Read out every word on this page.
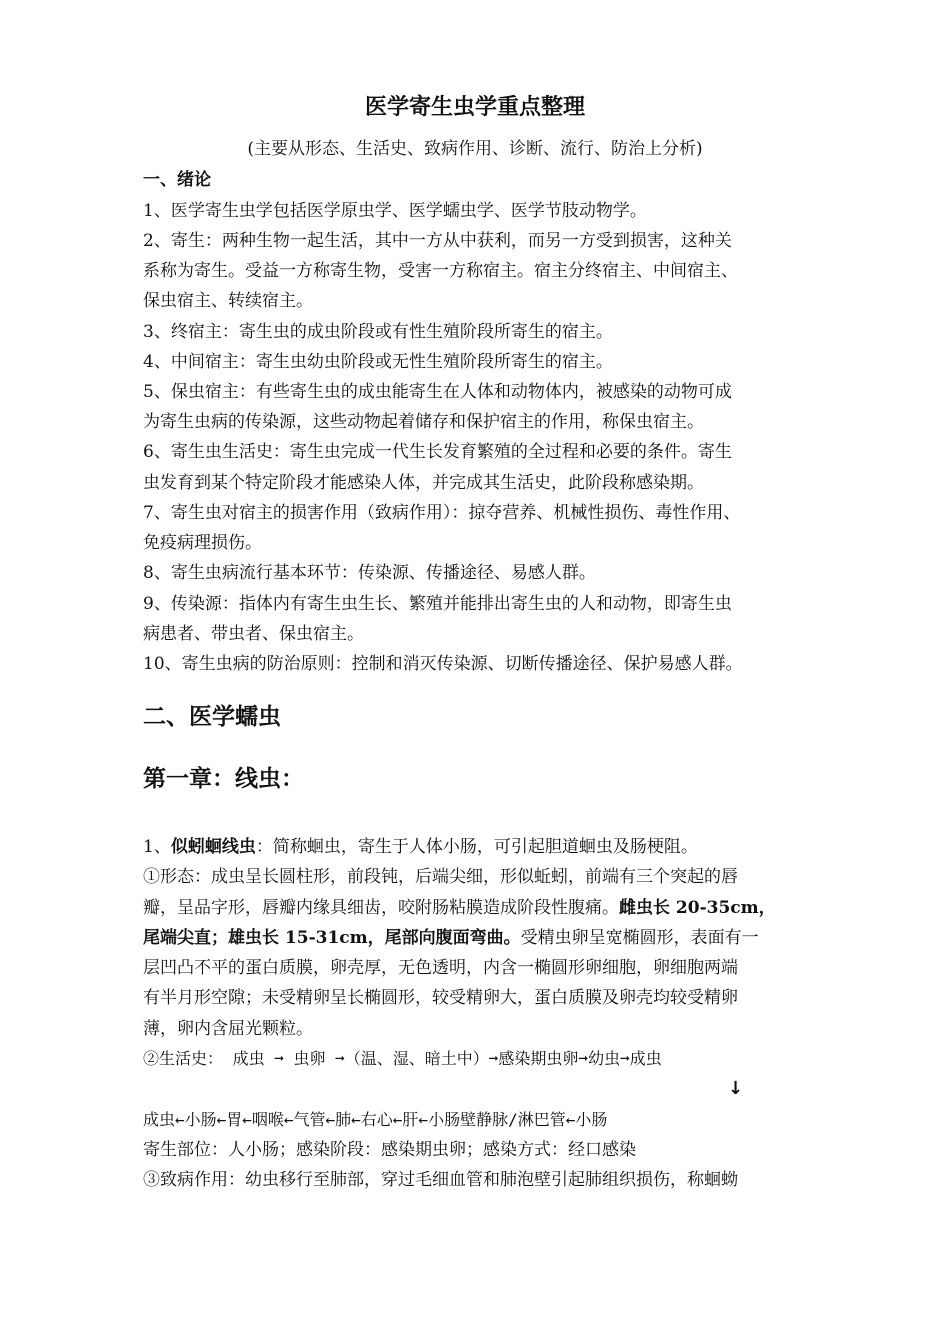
医学寄生虫学重点整理
(主要从形态、生活史、致病作用、诊断、流行、防治上分析)
一、绪论
1、医学寄生虫学包括医学原虫学、医学蠕虫学、医学节肢动物学。
2、寄生：两种生物一起生活，其中一方从中获利，而另一方受到损害，这种关
系称为寄生。受益一方称寄生物，受害一方称宿主。宿主分终宿主、中间宿主、
保虫宿主、转续宿主。
3、终宿主：寄生虫的成虫阶段或有性生殖阶段所寄生的宿主。
4、中间宿主：寄生虫幼虫阶段或无性生殖阶段所寄生的宿主。
5、保虫宿主：有些寄生虫的成虫能寄生在人体和动物体内，被感染的动物可成
为寄生虫病的传染源，这些动物起着储存和保护宿主的作用，称保虫宿主。
6、寄生虫生活史：寄生虫完成一代生长发育繁殖的全过程和必要的条件。寄生
虫发育到某个特定阶段才能感染人体，并完成其生活史，此阶段称感染期。
7、寄生虫对宿主的损害作用（致病作用）：掠夺营养、机械性损伤、毒性作用、
免疫病理损伤。
8、寄生虫病流行基本环节：传染源、传播途径、易感人群。
9、传染源：指体内有寄生虫生长、繁殖并能排出寄生虫的人和动物，即寄生虫
病患者、带虫者、保虫宿主。
10、寄生虫病的防治原则：控制和消灭传染源、切断传播途径、保护易感人群。
二、医学蠕虫
第一章：线虫：
1、似蚓蛔线虫：简称蛔虫，寄生于人体小肠，可引起胆道蛔虫及肠梗阻。
①形态：成虫呈长圆柱形，前段钝，后端尖细，形似蚯蚓，前端有三个突起的唇
瓣，呈品字形，唇瓣内缘具细齿，咬附肠粘膜造成阶段性腹痛。雌虫长 20-35cm，
尾端尖直；雄虫长 15-31cm，尾部向腹面弯曲。受精虫卵呈宽椭圆形，表面有一
层凹凸不平的蛋白质膜，卵壳厚，无色透明，内含一椭圆形卵细胞，卵细胞两端
有半月形空隙；未受精卵呈长椭圆形，较受精卵大，蛋白质膜及卵壳均较受精卵
薄，卵内含屈光颗粒。
②生活史： 成虫 ➞ 虫卵 ➞（温、湿、暗土中）➞感染期虫卵➞幼虫➞成虫
↓
成虫←小肠←胃←咽喉←气管←肺←右心←肝←小肠壁静脉/淋巴管←小肠
寄生部位：人小肠；感染阶段：感染期虫卵；感染方式：经口感染
③致病作用：幼虫移行至肺部，穿过毛细血管和肺泡壁引起肺组织损伤，称蛔蚴
